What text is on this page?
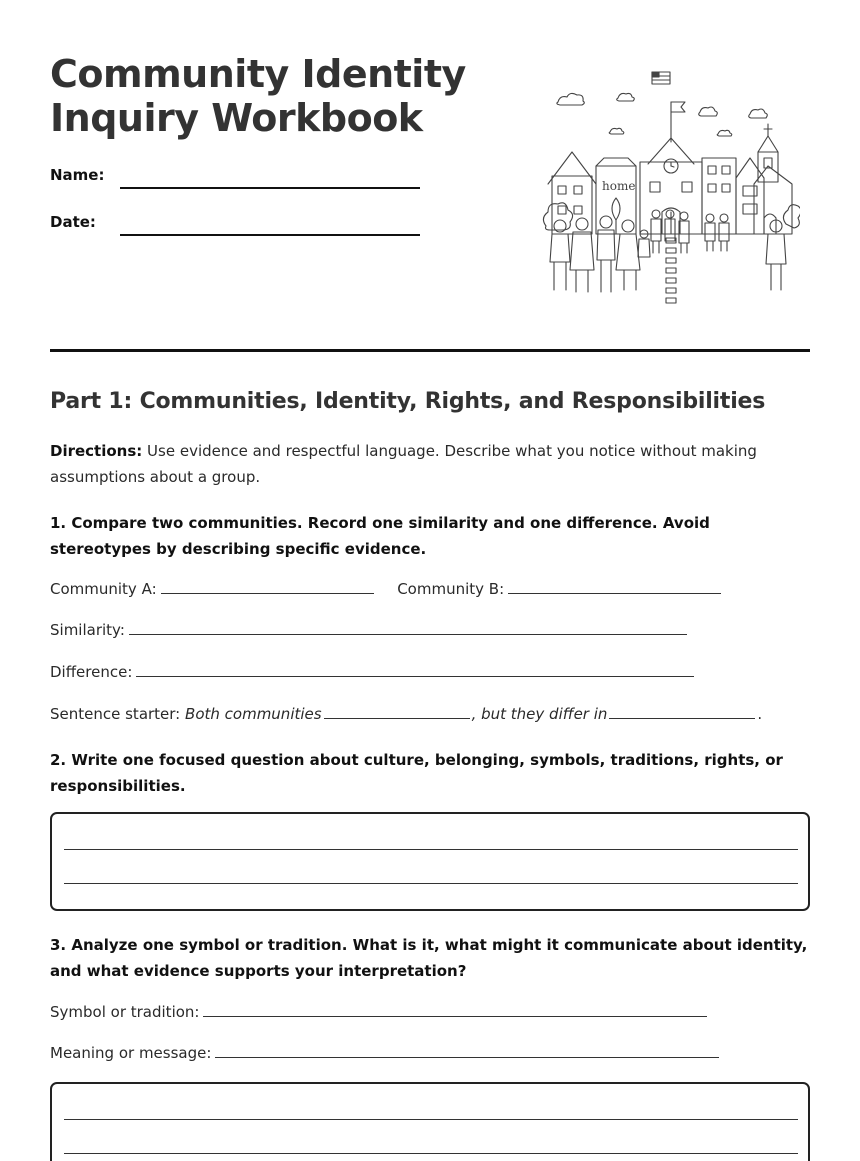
Community Identity
Inquiry Workbook
Name:
Date:
home
Part 1: Communities, Identity, Rights, and Responsibilities
Directions: Use evidence and respectful language. Describe what you notice without making assumptions about a group.
1. Compare two communities. Record one similarity and one difference. Avoid stereotypes by describing specific evidence.
Community A:	Community B:
Similarity:
Difference:
Sentence starter: Both communities	, but they differ in	.
2. Write one focused question about culture, belonging, symbols, traditions, rights, or responsibilities.
3. Analyze one symbol or tradition. What is it, what might it communicate about identity, and what evidence supports your interpretation?
Symbol or tradition:
Meaning or message:
